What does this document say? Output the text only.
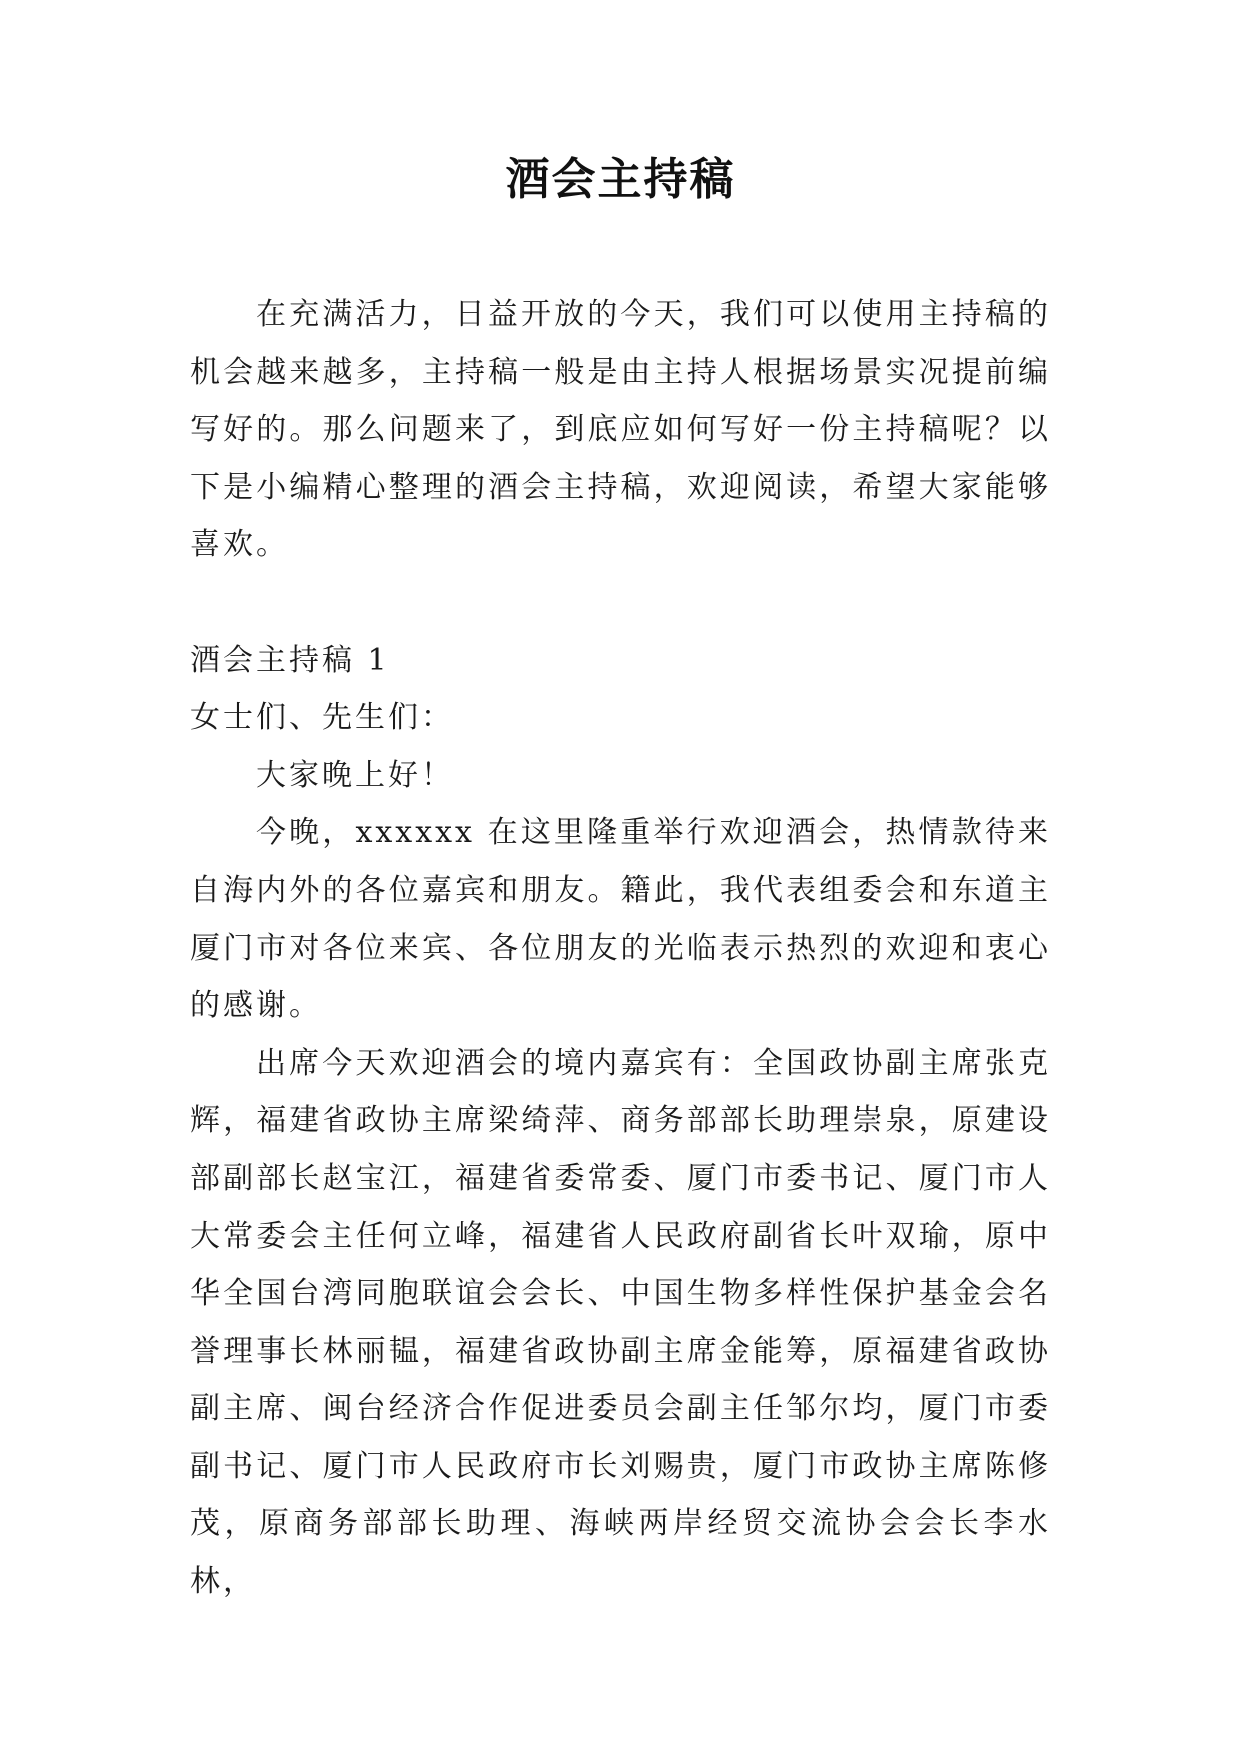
酒会主持稿

在充满活力，日益开放的今天，我们可以使用主持稿的机会越来越多，主持稿一般是由主持人根据场景实况提前编写好的。那么问题来了，到底应如何写好一份主持稿呢？以下是小编精心整理的酒会主持稿，欢迎阅读，希望大家能够喜欢。

酒会主持稿 1

女士们、先生们：

大家晚上好！

今晚，xxxxxx 在这里隆重举行欢迎酒会，热情款待来自海内外的各位嘉宾和朋友。籍此，我代表组委会和东道主厦门市对各位来宾、各位朋友的光临表示热烈的欢迎和衷心的感谢。

出席今天欢迎酒会的境内嘉宾有：全国政协副主席张克辉，福建省政协主席梁绮萍、商务部部长助理崇泉，原建设部副部长赵宝江，福建省委常委、厦门市委书记、厦门市人大常委会主任何立峰，福建省人民政府副省长叶双瑜，原中华全国台湾同胞联谊会会长、中国生物多样性保护基金会名誉理事长林丽韫，福建省政协副主席金能筹，原福建省政协副主席、闽台经济合作促进委员会副主任邹尔均，厦门市委副书记、厦门市人民政府市长刘赐贵，厦门市政协主席陈修茂，原商务部部长助理、海峡两岸经贸交流协会会长李水林，
